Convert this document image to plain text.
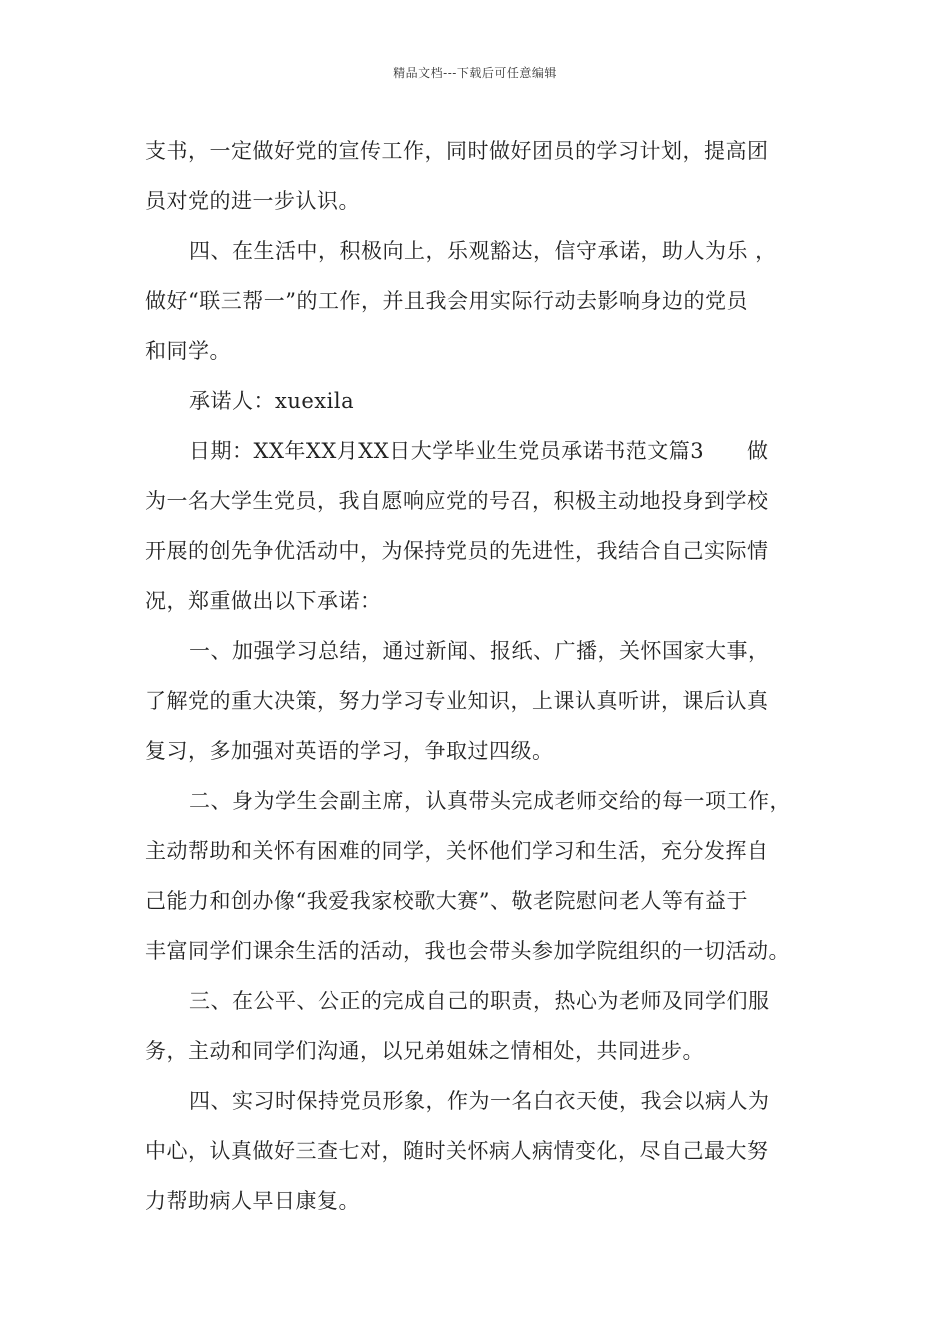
精品文档---下载后可任意编辑
支书，一定做好党的宣传工作，同时做好团员的学习计划，提高团
员对党的进一步认识。
四、在生活中，积极向上，乐观豁达，信守承诺，助人为乐 ，
做好“联三帮一”的工作，并且我会用实际行动去影响身边的党员
和同学。
承诺人：xuexila
日期：XX年XX月XX日大学毕业生党员承诺书范文篇3　　做
为一名大学生党员，我自愿响应党的号召，积极主动地投身到学校
开展的创先争优活动中，为保持党员的先进性，我结合自己实际情
况，郑重做出以下承诺：
一、加强学习总结，通过新闻、报纸、广播，关怀国家大事，
了解党的重大决策，努力学习专业知识，上课认真听讲，课后认真
复习，多加强对英语的学习，争取过四级。
二、身为学生会副主席，认真带头完成老师交给的每一项工作，
主动帮助和关怀有困难的同学，关怀他们学习和生活，充分发挥自
己能力和创办像“我爱我家校歌大赛”、敬老院慰问老人等有益于
丰富同学们课余生活的活动，我也会带头参加学院组织的一切活动。
三、在公平、公正的完成自己的职责，热心为老师及同学们服
务，主动和同学们沟通，以兄弟姐妹之情相处，共同进步。
四、实习时保持党员形象，作为一名白衣天使，我会以病人为
中心，认真做好三查七对，随时关怀病人病情变化，尽自己最大努
力帮助病人早日康复。
